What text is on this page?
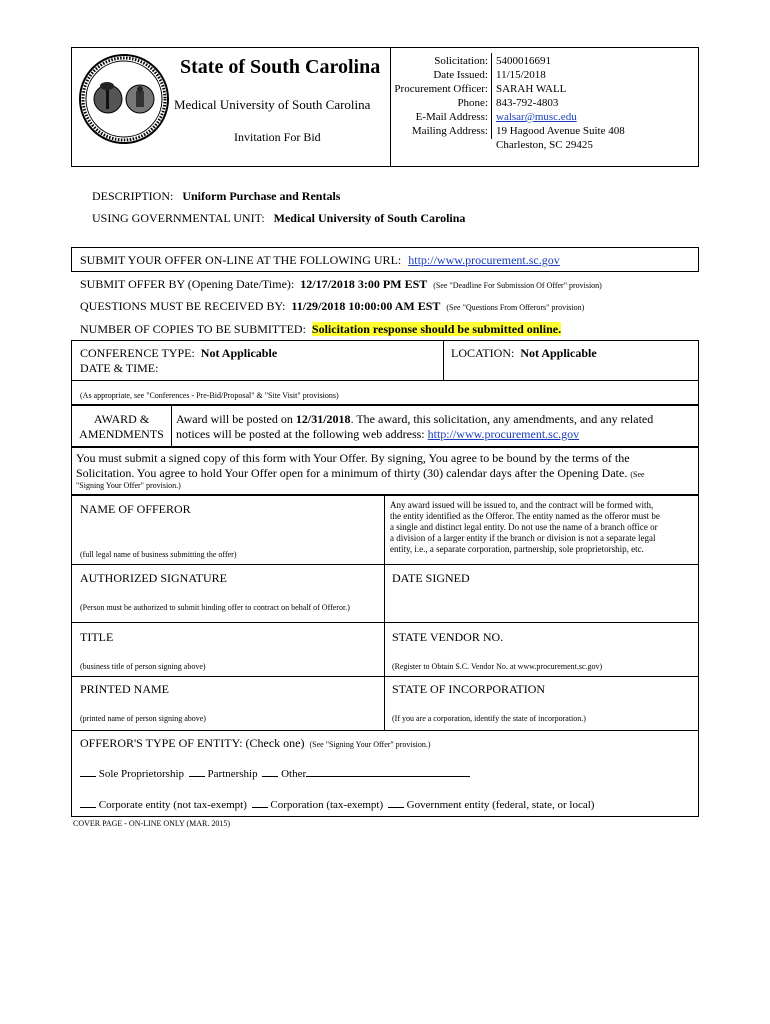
State of South Carolina
Medical University of South Carolina
Invitation For Bid
Solicitation:
Date Issued:
Procurement Officer:
Phone:
E-Mail Address:
Mailing Address:
5400016691
11/15/2018
SARAH WALL
843-792-4803
walsar@musc.edu
19 Hagood Avenue Suite 408
Charleston, SC 29425
DESCRIPTION: Uniform Purchase and Rentals
USING GOVERNMENTAL UNIT: Medical University of South Carolina
SUBMIT YOUR OFFER ON-LINE AT THE FOLLOWING URL: http://www.procurement.sc.gov
SUBMIT OFFER BY (Opening Date/Time): 12/17/2018 3:00 PM EST (See "Deadline For Submission Of Offer" provision)
QUESTIONS MUST BE RECEIVED BY: 11/29/2018 10:00:00 AM EST (See "Questions From Offerors" provision)
NUMBER OF COPIES TO BE SUBMITTED: Solicitation response should be submitted online.
CONFERENCE TYPE: Not Applicable
DATE & TIME:
LOCATION: Not Applicable
(As appropriate, see "Conferences - Pre-Bid/Proposal" & "Site Visit" provisions)
AWARD &
AMENDMENTS
Award will be posted on 12/31/2018. The award, this solicitation, any amendments, and any related
notices will be posted at the following web address: http://www.procurement.sc.gov
You must submit a signed copy of this form with Your Offer. By signing, You agree to be bound by the terms of the
Solicitation. You agree to hold Your Offer open for a minimum of thirty (30) calendar days after the Opening Date. (See
"Signing Your Offer" provision.)
NAME OF OFFEROR
(full legal name of business submitting the offer)
Any award issued will be issued to, and the contract will be formed with,
the entity identified as the Offeror. The entity named as the offeror must be
a single and distinct legal entity. Do not use the name of a branch office or
a division of a larger entity if the branch or division is not a separate legal
entity, i.e., a separate corporation, partnership, sole proprietorship, etc.
AUTHORIZED SIGNATURE
(Person must be authorized to submit binding offer to contract on behalf of Offeror.)
DATE SIGNED
TITLE
(business title of person signing above)
STATE VENDOR NO.
(Register to Obtain S.C. Vendor No. at www.procurement.sc.gov)
PRINTED NAME
(printed name of person signing above)
STATE OF INCORPORATION
(If you are a corporation, identify the state of incorporation.)
OFFEROR'S TYPE OF ENTITY: (Check one) (See "Signing Your Offer" provision.)
Sole Proprietorship Partnership Other
Corporate entity (not tax-exempt) Corporation (tax-exempt) Government entity (federal, state, or local)
COVER PAGE - ON-LINE ONLY (MAR. 2015)
